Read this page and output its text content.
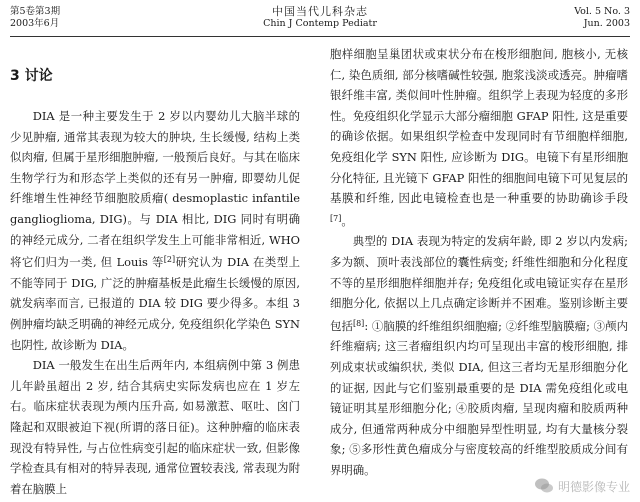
第5卷第3期
2003年6月
中国当代儿科杂志
Chin J Contemp Pediatr
Vol. 5 No. 3
Jun. 2003
3 讨论

DIA 是一种主要发生于 2 岁以内婴幼儿大脑半球的少见肿瘤, 通常其表现为较大的肿块, 生长缓慢, 结构上类似肉瘤, 但属于星形细胞肿瘤, 一般预后良好。与其在临床生物学行为和形态学上类似的还有另一肿瘤, 即婴幼儿促纤维增生性神经节细胞胶质瘤( desmoplastic infantile ganglioglioma, DIG)。与 DIA 相比, DIG 同时有明确的神经元成分, 二者在组织学发生上可能非常相近, WHO 将它们归为一类, 但 Louis 等[2]研究认为 DIA 在类型上不能等同于 DIG, 广泛的肿瘤基板是此瘤生长缓慢的原因, 就发病率而言, 已报道的 DIA 较 DIG 要少得多。本组 3 例肿瘤均缺乏明确的神经元成分, 免疫组织化学染色 SYN 也阴性, 故诊断为 DIA。

DIA 一般发生在出生后两年内, 本组病例中第 3 例患儿年龄虽超出 2 岁, 结合其病史实际发病也应在 1 岁左右。临床症状表现为颅内压升高, 如易激惹、呕吐、囟门隆起和双眼被迫下视(所谓的落日征)。这种肿瘤的临床表现没有特异性, 与占位性病变引起的临床症状一致, 但影像学检查具有相对的特异表现, 通常位置较表浅, 常表现为附着在脑膜上

胞样细胞呈巢团状或束状分布在梭形细胞间, 胞核小, 无核仁, 染色质细, 部分核嗜碱性较强, 胞浆浅淡或透亮。肿瘤嗜银纤维丰富, 类似间叶性肿瘤。组织学上表现为轻度的多形性。免疫组织化学显示大部分瘤细胞 GFAP 阳性, 这是重要的确诊依据。如果组织学检查中发现同时有节细胞样细胞, 免疫组化学 SYN 阳性, 应诊断为 DIG。电镜下有星形细胞分化特征, 且光镜下 GFAP 阳性的细胞间电镜下可见复层的基膜和纤维, 因此电镜检查也是一种重要的协助确诊手段[7]。

典型的 DIA 表现为特定的发病年龄, 即 2 岁以内发病; 多为额、顶叶表浅部位的囊性病变; 纤维性细胞和分化程度不等的星形细胞样细胞并存; 免疫组化或电镜证实存在星形细胞分化, 依据以上几点确定诊断并不困难。鉴别诊断主要包括[8]: ①脑膜的纤维组织细胞瘤; ②纤维型脑膜瘤; ③颅内纤维瘤病; 这三者瘤组织内均可呈现出丰富的梭形细胞, 排列成束状或编织状, 类似 DIA, 但这三者均无星形细胞分化的证据, 因此与它们鉴别最重要的是 DIA 需免疫组化或电镜证明其星形细胞分化; ④胶质肉瘤, 呈现肉瘤和胶质两种成分, 但通常两种成分中细胞异型性明显, 均有大量核分裂象; ⑤多形性黄色瘤成分与密度较高的纤维型胶质成分间有界明确。

明德影像专业
